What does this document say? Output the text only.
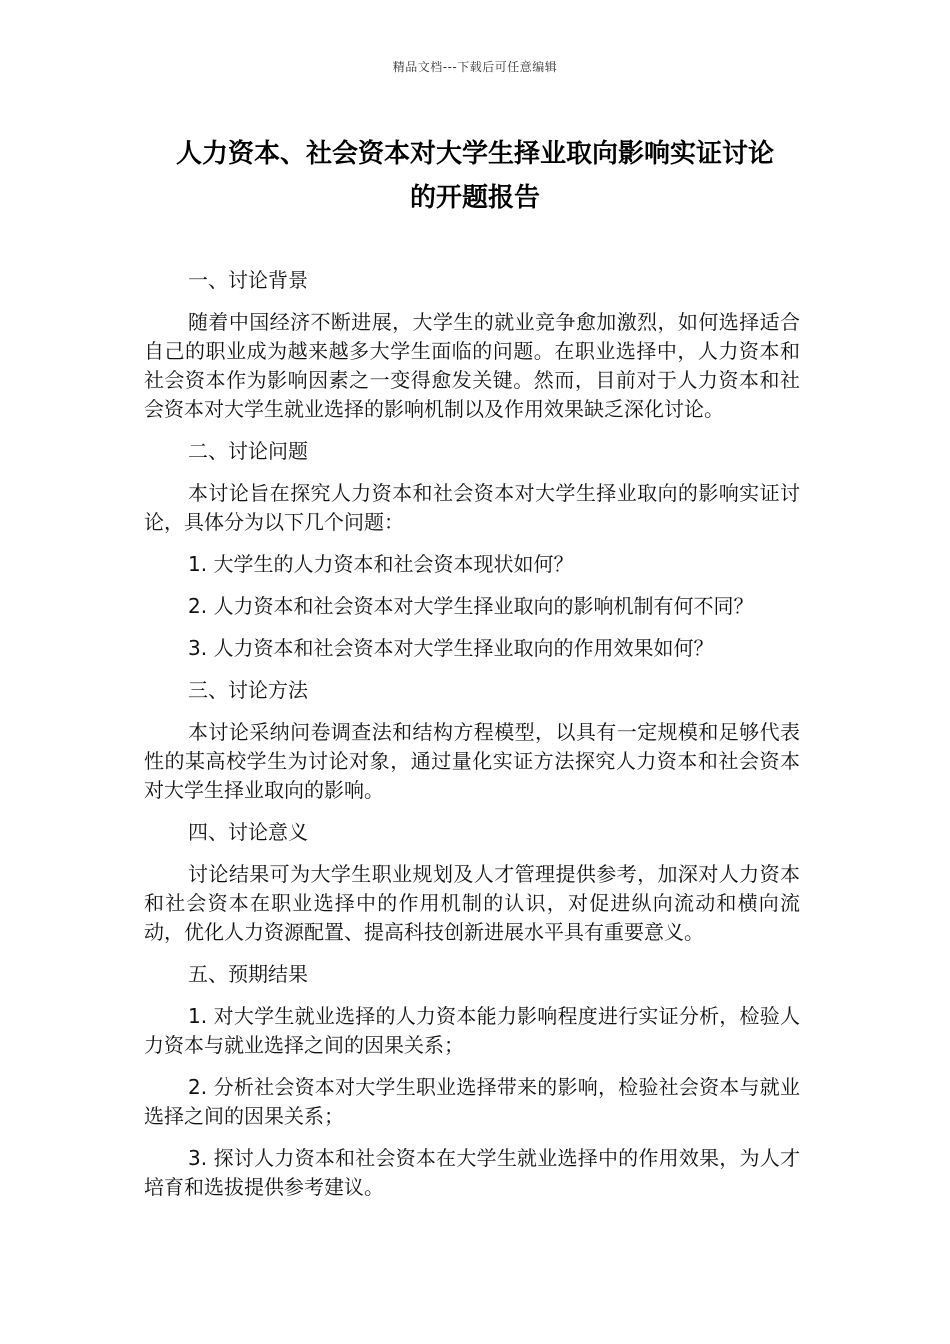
精品文档---下载后可任意编辑
人力资本、社会资本对大学生择业取向影响实证讨论
的开题报告

一、讨论背景

随着中国经济不断进展，大学生的就业竞争愈加激烈，如何选择适合自己的职业成为越来越多大学生面临的问题。在职业选择中，人力资本和社会资本作为影响因素之一变得愈发关键。然而，目前对于人力资本和社会资本对大学生就业选择的影响机制以及作用效果缺乏深化讨论。

二、讨论问题

本讨论旨在探究人力资本和社会资本对大学生择业取向的影响实证讨论，具体分为以下几个问题：

1. 大学生的人力资本和社会资本现状如何？

2. 人力资本和社会资本对大学生择业取向的影响机制有何不同？

3. 人力资本和社会资本对大学生择业取向的作用效果如何？

三、讨论方法

本讨论采纳问卷调查法和结构方程模型，以具有一定规模和足够代表性的某高校学生为讨论对象，通过量化实证方法探究人力资本和社会资本对大学生择业取向的影响。

四、讨论意义

讨论结果可为大学生职业规划及人才管理提供参考，加深对人力资本和社会资本在职业选择中的作用机制的认识，对促进纵向流动和横向流动，优化人力资源配置、提高科技创新进展水平具有重要意义。

五、预期结果

1. 对大学生就业选择的人力资本能力影响程度进行实证分析，检验人力资本与就业选择之间的因果关系；

2. 分析社会资本对大学生职业选择带来的影响，检验社会资本与就业选择之间的因果关系；

3. 探讨人力资本和社会资本在大学生就业选择中的作用效果，为人才培育和选拔提供参考建议。
